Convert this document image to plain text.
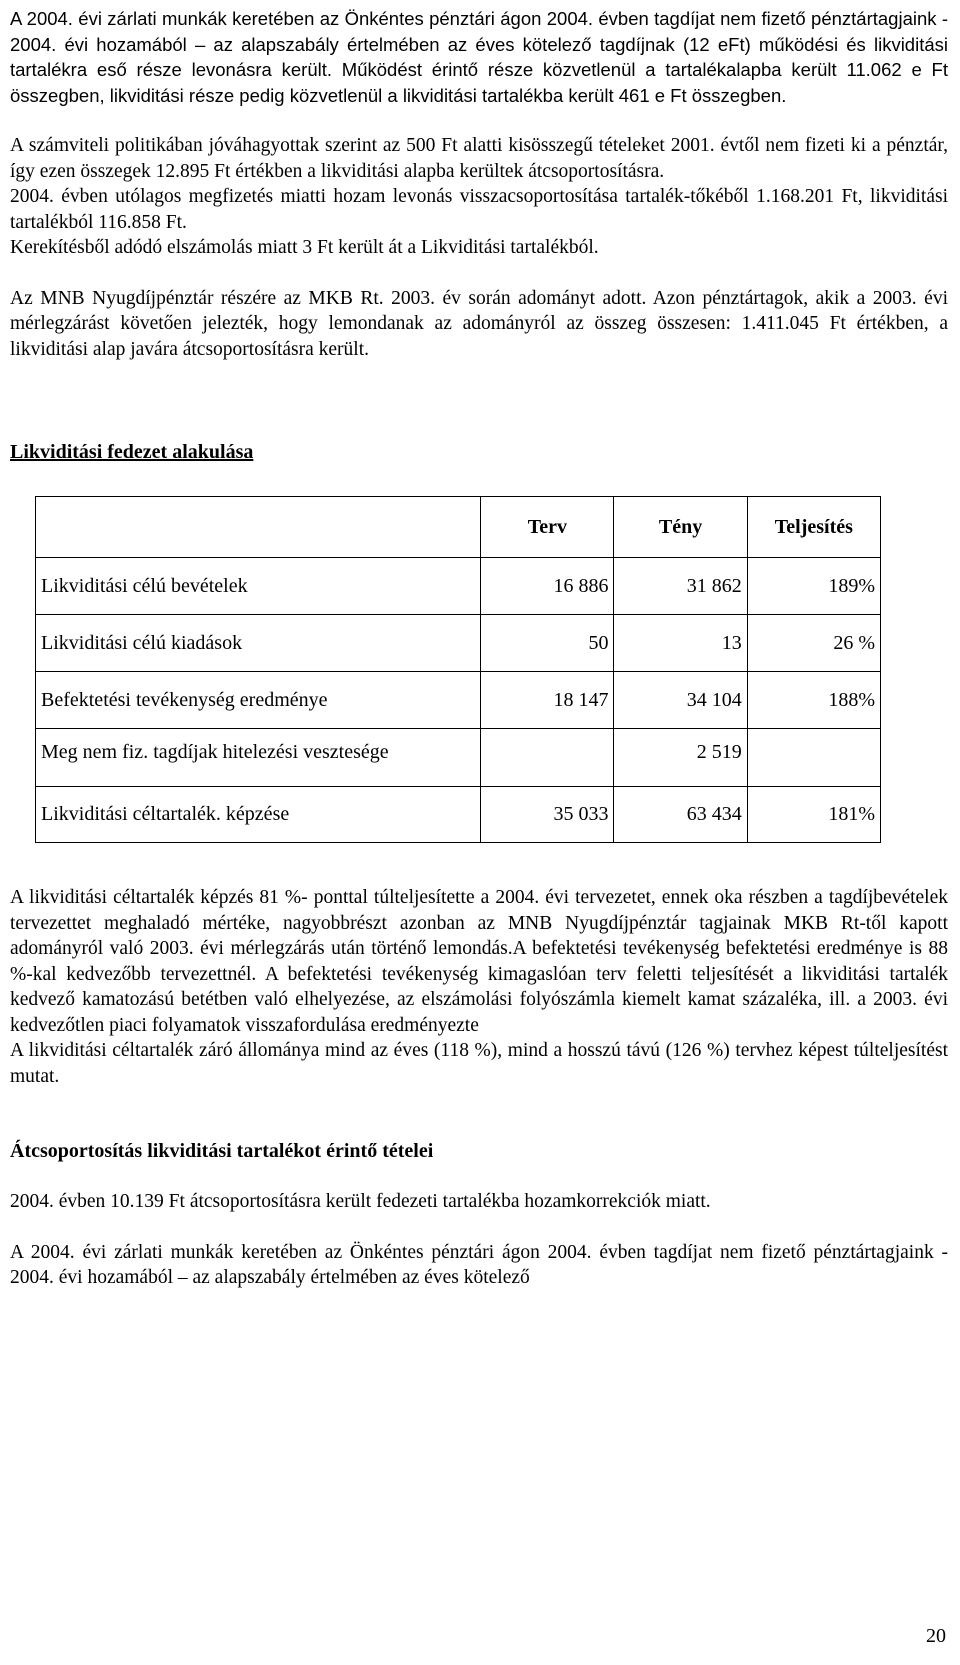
A 2004. évi zárlati munkák keretében az Önkéntes pénztári ágon 2004. évben tagdíjat nem fizető pénztártagjaink - 2004. évi hozamából – az alapszabály értelmében az éves kötelező tagdíjnak (12 eFt) működési és likviditási tartalékra eső része levonásra került. Működést érintő része közvetlenül a tartalékalapba került 11.062 e Ft összegben, likviditási része pedig közvetlenül a likviditási tartalékba került 461 e Ft összegben.

A számviteli politikában jóváhagyottak szerint az 500 Ft alatti kisösszegű tételeket 2001. évtől nem fizeti ki a pénztár, így ezen összegek 12.895 Ft értékben a likviditási alapba kerültek átcsoportosításra.

2004. évben utólagos megfizetés miatti hozam levonás visszacsoportosítása tartalék-tőkéből 1.168.201 Ft, likviditási tartalékból 116.858 Ft.

Kerekítésből adódó elszámolás miatt 3 Ft került át a Likviditási tartalékból.

Az MNB Nyugdíjpénztár részére az MKB Rt. 2003. év során adományt adott. Azon pénztártagok, akik a 2003. évi mérlegzárást követően jelezték, hogy lemondanak az adományról az összeg összesen: 1.411.045 Ft értékben, a likviditási alap javára átcsoportosításra került.

Likviditási fedezet alakulása

	Terv	Tény	Teljesítés
Likviditási célú bevételek	16 886	31 862	189%
Likviditási célú kiadások	50	13	26 %
Befektetési tevékenység eredménye	18 147	34 104	188%
Meg nem fiz. tagdíjak hitelezési vesztesége		2 519	
Likviditási céltartalék. képzése	35 033	63 434	181%

A likviditási céltartalék képzés 81 %- ponttal túlteljesítette a 2004. évi tervezetet, ennek oka részben a tagdíjbevételek tervezettet meghaladó mértéke, nagyobbrészt azonban az MNB Nyugdíjpénztár tagjainak MKB Rt-től kapott adományról való 2003. évi mérlegzárás után történő lemondás.A befektetési tevékenység befektetési eredménye is 88 %-kal kedvezőbb tervezettnél. A befektetési tevékenység kimagaslóan terv feletti teljesítését a likviditási tartalék kedvező kamatozású betétben való elhelyezése, az elszámolási folyószámla kiemelt kamat százaléka, ill. a 2003. évi kedvezőtlen piaci folyamatok visszafordulása eredményezte

A likviditási céltartalék záró állománya mind az éves (118 %), mind a hosszú távú (126 %) tervhez képest túlteljesítést mutat.

Átcsoportosítás likviditási tartalékot érintő tételei

2004. évben 10.139 Ft átcsoportosításra került fedezeti tartalékba hozamkorrekciók miatt.

A 2004. évi zárlati munkák keretében az Önkéntes pénztári ágon 2004. évben tagdíjat nem fizető pénztártagjaink - 2004. évi hozamából – az alapszabály értelmében az éves kötelező

20
